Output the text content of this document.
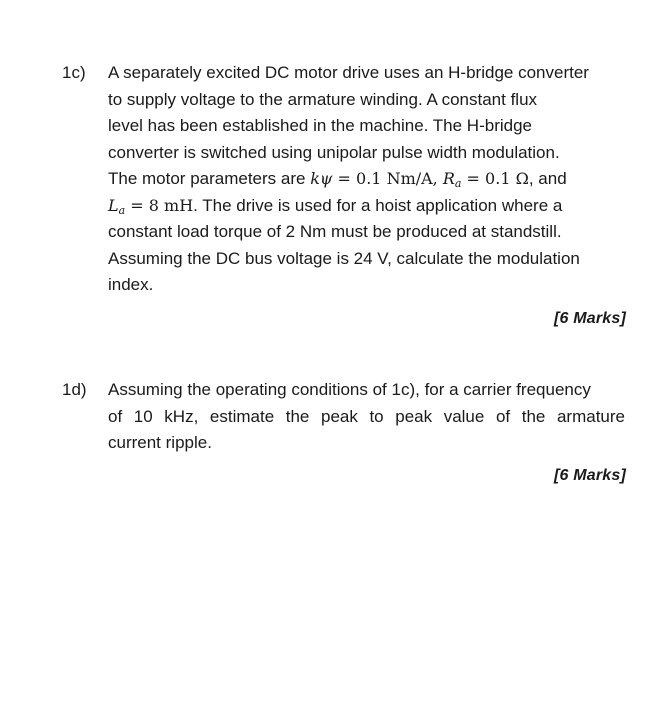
1c) A separately excited DC motor drive uses an H-bridge converter
to supply voltage to the armature winding. A constant flux
level has been established in the machine. The H-bridge
converter is switched using unipolar pulse width modulation.
The motor parameters are kψ = 0.1 Nm/A, $R_a = 0.1$ Ω, and
$L_a = 8$ mH. The drive is used for a hoist application where a
constant load torque of 2 Nm must be produced at standstill.
Assuming the DC bus voltage is 24 V, calculate the modulation
index.
[6 Marks]
1d) Assuming the operating conditions of 1c), for a carrier frequency
of 10 kHz, estimate the peak to peak value of the armature
current ripple.
[6 Marks]
